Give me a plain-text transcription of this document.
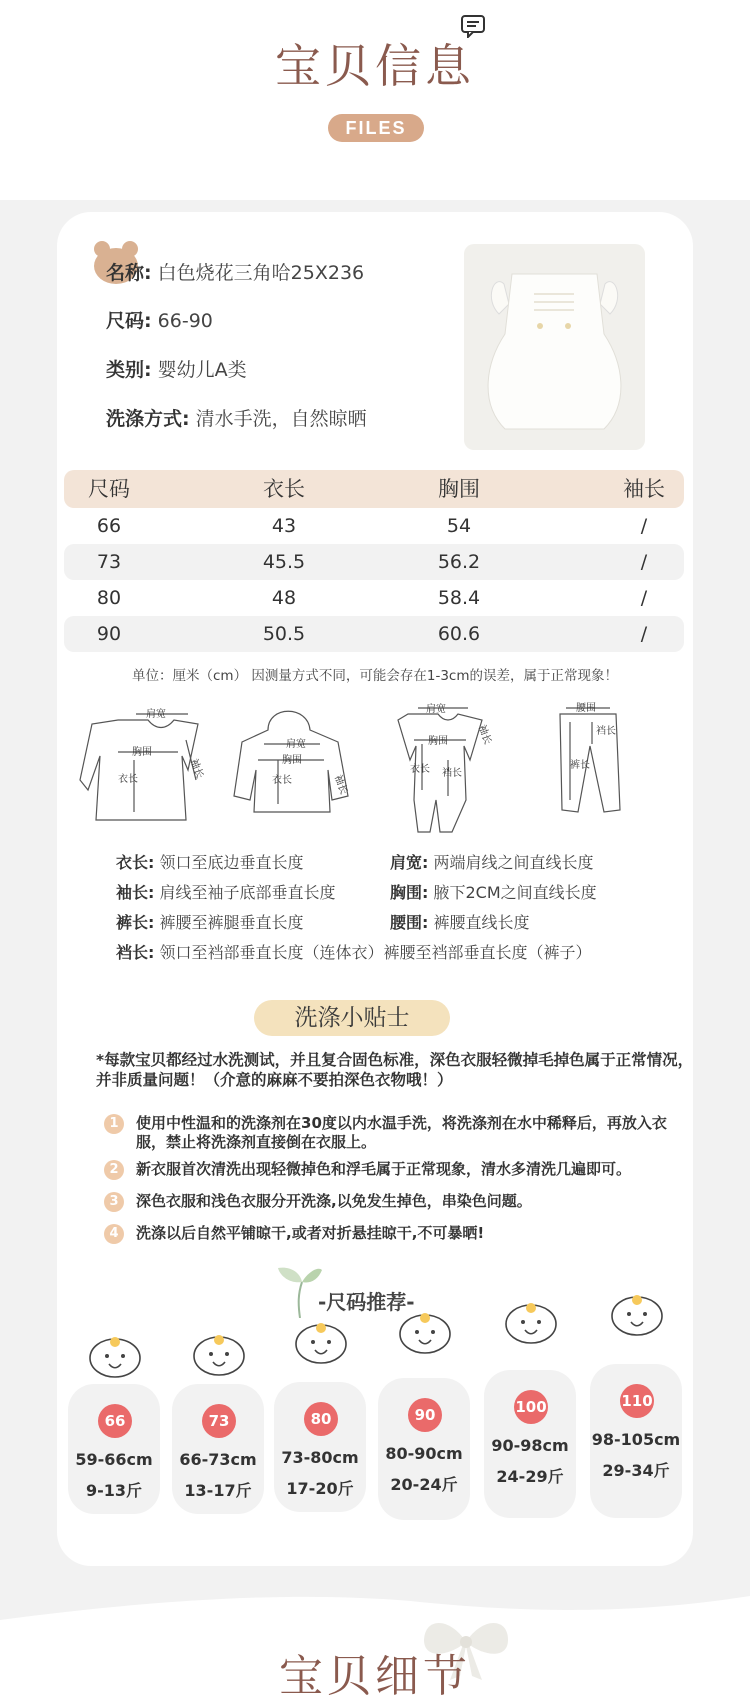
宝贝信息
FILES
名称: 白色烧花三角哈25X236
尺码: 66-90
类别: 婴幼儿A类
洗涤方式: 清水手洗，自然晾晒
尺码	衣长	胸围	袖长
66	43	54	/
73	45.5	56.2	/
80	48	58.4	/
90	50.5	60.6	/
单位：厘米（cm） 因测量方式不同，可能会存在1-3cm的误差，属于正常现象！
肩宽
胸围
衣长	袖长
肩宽
胸围
衣长	袖长
肩宽
胸围
衣长 裆长
袖长
腰围
裆长
裤长
衣长: 领口至底边垂直长度	肩宽: 两端肩线之间直线长度
袖长: 肩线至袖子底部垂直长度	胸围: 腋下2CM之间直线长度
裤长: 裤腰至裤腿垂直长度	腰围: 裤腰直线长度
裆长: 领口至裆部垂直长度（连体衣）裤腰至裆部垂直长度（裤子）
洗涤小贴士
*每款宝贝都经过水洗测试，并且复合固色标准，深色衣服轻微掉毛掉色属于正常情况，并非质量问题！（介意的麻麻不要拍深色衣物哦！）
1	使用中性温和的洗涤剂在30度以内水温手洗，将洗涤剂在水中稀释后，再放入衣服，禁止将洗涤剂直接倒在衣服上。
2	新衣服首次清洗出现轻微掉色和浮毛属于正常现象，清水多清洗几遍即可。
3	深色衣服和浅色衣服分开洗涤,以免发生掉色，串染色问题。
4	洗涤以后自然平铺晾干,或者对折悬挂晾干,不可暴晒!
-尺码推荐-
66
59-66cm
9-13斤
73
66-73cm
13-17斤
80
73-80cm
17-20斤
90
80-90cm
20-24斤
100
90-98cm
24-29斤
110
98-105cm
29-34斤
宝贝细节
